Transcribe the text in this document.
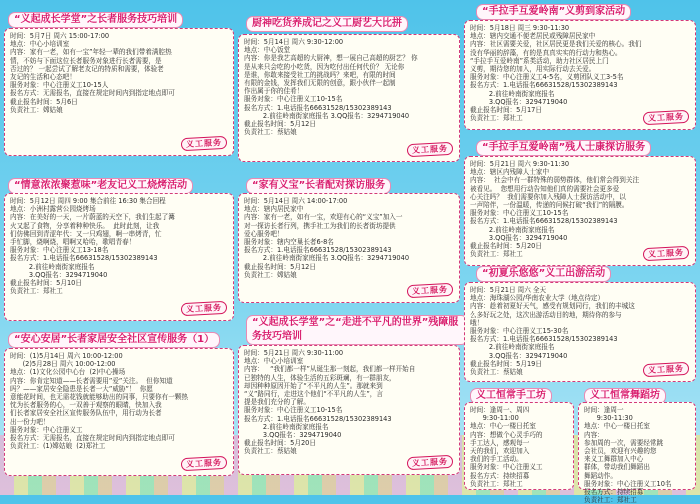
“义起成长学堂”之长者服务技巧培训

时间：5月7日 周六 15:00-17:00

地点：中心小培训室

内容：家有一老，如有一宝”年轻一辈的我们带着满腔热

情，不妨与下面这位长者服务对象进行长者需要，是

否过的？ 一起尝试了解老友记的特质和需要，体验老

友记的生活和心态吧！

服务对象：中心注册义工10-15人

报名方式：无需报名，直接在规定时间内到指定地点即可

截止报名时间：5月6日

负责社工：嫦姑娘

义工服务
“情意浓浓聚惹味”老友记义工烧烤活动

时间：5月12日 周四 9:00 集合前往 16:30 集合回程

地点：小洲村露营公园烧烤场

内容：在美好的一天，一片蔚蓝的天空下，我们生起了篝

火又起了食物，分享着种种快乐。  此时此刻，让我

们仿佛回到青涩年代：又一只鸡翅，啊一串烤青，忙

手忙脚，烧啊烧，唱啊又哈哈，歌唱青春！

服务对象：中心注册义工13-18名

报名方式：1.电话报名66631528/15302389143

2.前往岭南街家庭报名

3.QQ报名：3294719040

截止报名时间：5月10日

负责社工：郑社工

义工服务
“安心安居”长者家居安全社区宣传服务（1）

时间：(1)5月14日 周六 10:00-12:00

(2)5月28日 周六 10:00-12:00

地点：(1)文化公园中心台  (2)中心操场

内容：你肯定知道——长者需要用”爱”关注。  但你知道

吗？——家居安全隐患是长者一大”威胁”！  你愿

意能花时间，也无需花钱就能够助出的同事，只要你有一颗热

忱为长者服务的心，一双善于观察的眼睛，快加入我

们长者家居安全社区宣传服务队伍中，用行动为长者

出一份力吧！

服务对象：中心注册义工

报名方式：无需报名，直接在规定时间内到指定地点即可

负责社工：(1)嫦姑娘  (2)郑社工

义工服务
厨神吃货养成记之义工厨艺大比拼

时间：5月14日 周六 9:30-12:00

地点：中心饭堂

内容：你是我艺高超的大厨神，想一展自己高超的厨艺？ 你

是从来只会吃的小吃货，因为吃付出任何代价？ 无论你

是谁，你敢来接受社工的挑战吗？来吧，有限的时间

有限的金钱，发挥我们无限的创意，跟小伙伴一起制

作出属于你的佳肴！

服务对象：中心注册义工10-15名

报名方式：1.电话报名66631528/15302389143

2.前往岭南街家庭报名 3.QQ报名：3294719040

截止报名时间：5月12日

负责社工：蔡姑娘

义工服务
“家有义宝”长者配对探访服务

时间：5月14日 周六 14:00-17:00

地点：辖内居民家中

内容：家有一老，如有一宝，欢迎有心的“义宝”加入一

对一探访长者行列，携手社工为我们的长者街坊提供

爱心服务吧！

服务对象：辖内空巢长者6-8名

报名方式：1.电话报名66631528/15302389143

2.前往岭南街家庭报名 3.QQ报名：3294719040

截止报名时间：5月12日

负责社工：嫦姑娘

义工服务
“义起成长学堂”之“走进不平凡的世界”残障服务技巧培训

时间：5月21日 周六 9:30-11:00

地点：中心小培训室

内容：   “我们都一样”从诞生那一刻起，我们都一样开始自

已独特的人生，体验生活的五彩斑斓，有一群朋友，

却因种种原因开始了“不平凡的人生”。那就来到

“义”路同行，走进这个他们“不平凡的人生”，言

提是我们充分的了解。

服务对象：中心注册义工10-15名

报名方式：1.电话报名66631528/15302389143

2.前往岭南街家庭报名

3.QQ报名：3294719040

截止报名时间：5月20日

负责社工：蔡姑娘

义工服务
“手拉手互爱岭南”义剪到家活动

时间：5月18日 周三 9:30-11:30

地点：辖内交通不便老居民或残障居民家中

内容：社区需要关爱，社区居民更是我们关爱的核心。我们

没有华丽的辞藻，有的是真真实实的行动力和热心。

“手拉手互爱岭南”系类活动，助力社区居民上门

义剪，期待您的加入，用实际行动去关爱。

服务对象：中心注册义工4-5名，义剪团队义工3-5名

报名方式：1.电话报名66631528/15302389143

2.前往岭南街家庭报名

3.QQ报名：3294719040

截止报名时间：5月17日

负责社工：郑社工	义工服务
“手拉手互爱岭南”残人士康探访服务

时间：5月21日 周六 9:30-11:30

地点：辖区内残障人士家中

内容：  社会中有一群特殊的弱势群体，他们常会得到关注

被看见。  您想用行动告知他们真的需要社会更多爱

心关注吗？  我们需要你加入残障人士探访活动中，以

一声陪伴，一份温暖，传递的问候打破“我们”的隔膜。

服务对象：中心注册义工10-15名

报名方式：1.电话报名66631528/15302389143

2.前往岭南街家庭报名

3.QQ报名：3294719040

截止报名时间：5月20日

负责社工：郑社工	义工服务
“初夏乐悠悠”义工出游活动

时间：5月21日 周六 全天

地点：海珠湖公园/华南农业大学（地点待定）

内容：趁着初夏好天气，感受有规划同行，我们的丰城这

么多好玩之处，这次出游活动目的地，期待你的参与

哦！

服务对象：中心注册义工15-30名

报名方式：1.电话报名66631528/15302389143

2.前往岭南街家庭报名

3.QQ报名：3294719040

截止报名时间：5月19日

负责社工：蔡姑娘	义工服务
义工恒常手工坊

时间：逢周一、周四

9:30-11:00

地点：中心一楼日托室

内容：想做个心灵手巧的

手工达人，感观每一

天的我们，欢迎加入

我们的手工活动。

服务对象：中心注册义工

报名方式：持续招募

负责社工：郑社工

义工恒常舞蹈坊

时间：逢周一

9:30-11:30

地点：中心一楼日托室

内容：

参加周的一次，需要经常跳

会社员，欢迎有兴趣的您

来义工舞群加入中心

群体，带动我们舞蹈出

舞蹈动作。

服务对象：中心注册义工10名

报名方式：持续招募

负责社工：郑社工
